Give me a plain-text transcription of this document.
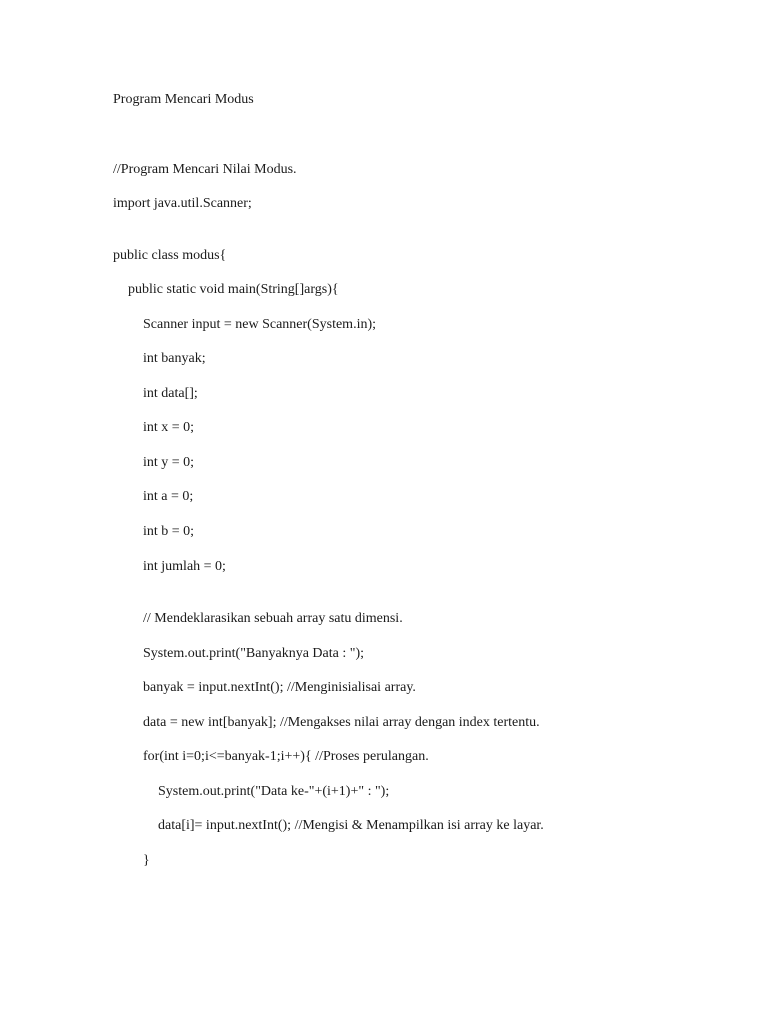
Program Mencari Modus

//Program Mencari Nilai Modus.

import java.util.Scanner;

public class modus{

public static void main(String[]args){

Scanner input = new Scanner(System.in);

int banyak;

int data[];

int x = 0;

int y = 0;

int a = 0;

int b = 0;

int jumlah = 0;

// Mendeklarasikan sebuah array satu dimensi.

System.out.print("Banyaknya Data : ");

banyak = input.nextInt(); //Menginisialisai array.

data = new int[banyak]; //Mengakses nilai array dengan index tertentu.

for(int i=0;i<=banyak-1;i++){ //Proses perulangan.

System.out.print("Data ke-"+(i+1)+" : ");

data[i]= input.nextInt(); //Mengisi & Menampilkan isi array ke layar.

}
